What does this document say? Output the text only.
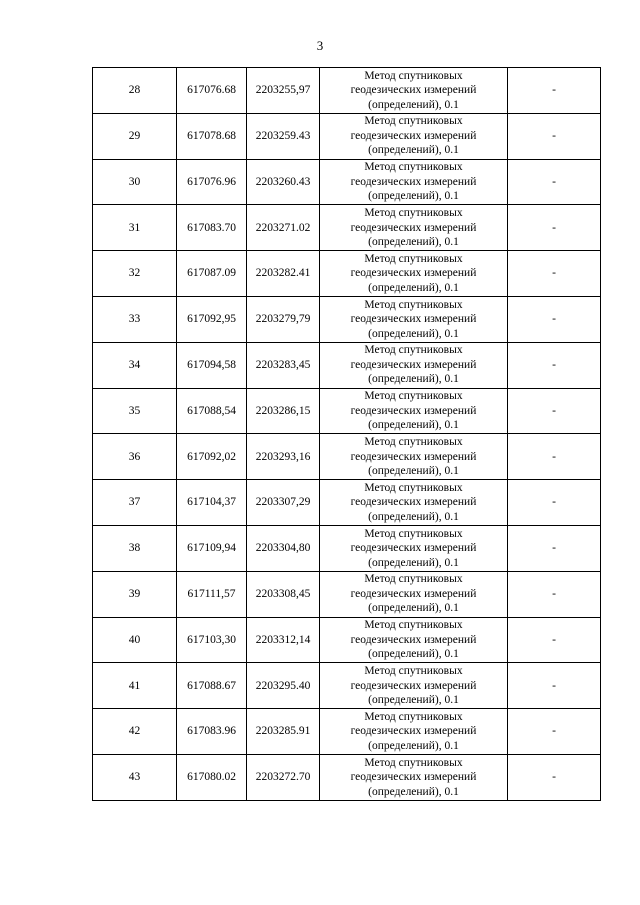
3
28	617076.68	2203255,97	Метод спутниковых
геодезических измерений
(определений), 0.1	-
29	617078.68	2203259.43	Метод спутниковых
геодезических измерений
(определений), 0.1	-
30	617076.96	2203260.43	Метод спутниковых
геодезических измерений
(определений), 0.1	-
31	617083.70	2203271.02	Метод спутниковых
геодезических измерений
(определений), 0.1	-
32	617087.09	2203282.41	Метод спутниковых
геодезических измерений
(определений), 0.1	-
33	617092,95	2203279,79	Метод спутниковых
геодезических измерений
(определений), 0.1	-
34	617094,58	2203283,45	Метод спутниковых
геодезических измерений
(определений), 0.1	-
35	617088,54	2203286,15	Метод спутниковых
геодезических измерений
(определений), 0.1	-
36	617092,02	2203293,16	Метод спутниковых
геодезических измерений
(определений), 0.1	-
37	617104,37	2203307,29	Метод спутниковых
геодезических измерений
(определений), 0.1	-
38	617109,94	2203304,80	Метод спутниковых
геодезических измерений
(определений), 0.1	-
39	617111,57	2203308,45	Метод спутниковых
геодезических измерений
(определений), 0.1	-
40	617103,30	2203312,14	Метод спутниковых
геодезических измерений
(определений), 0.1	-
41	617088.67	2203295.40	Метод спутниковых
геодезических измерений
(определений), 0.1	-
42	617083.96	2203285.91	Метод спутниковых
геодезических измерений
(определений), 0.1	-
43	617080.02	2203272.70	Метод спутниковых
геодезических измерений
(определений), 0.1	-
